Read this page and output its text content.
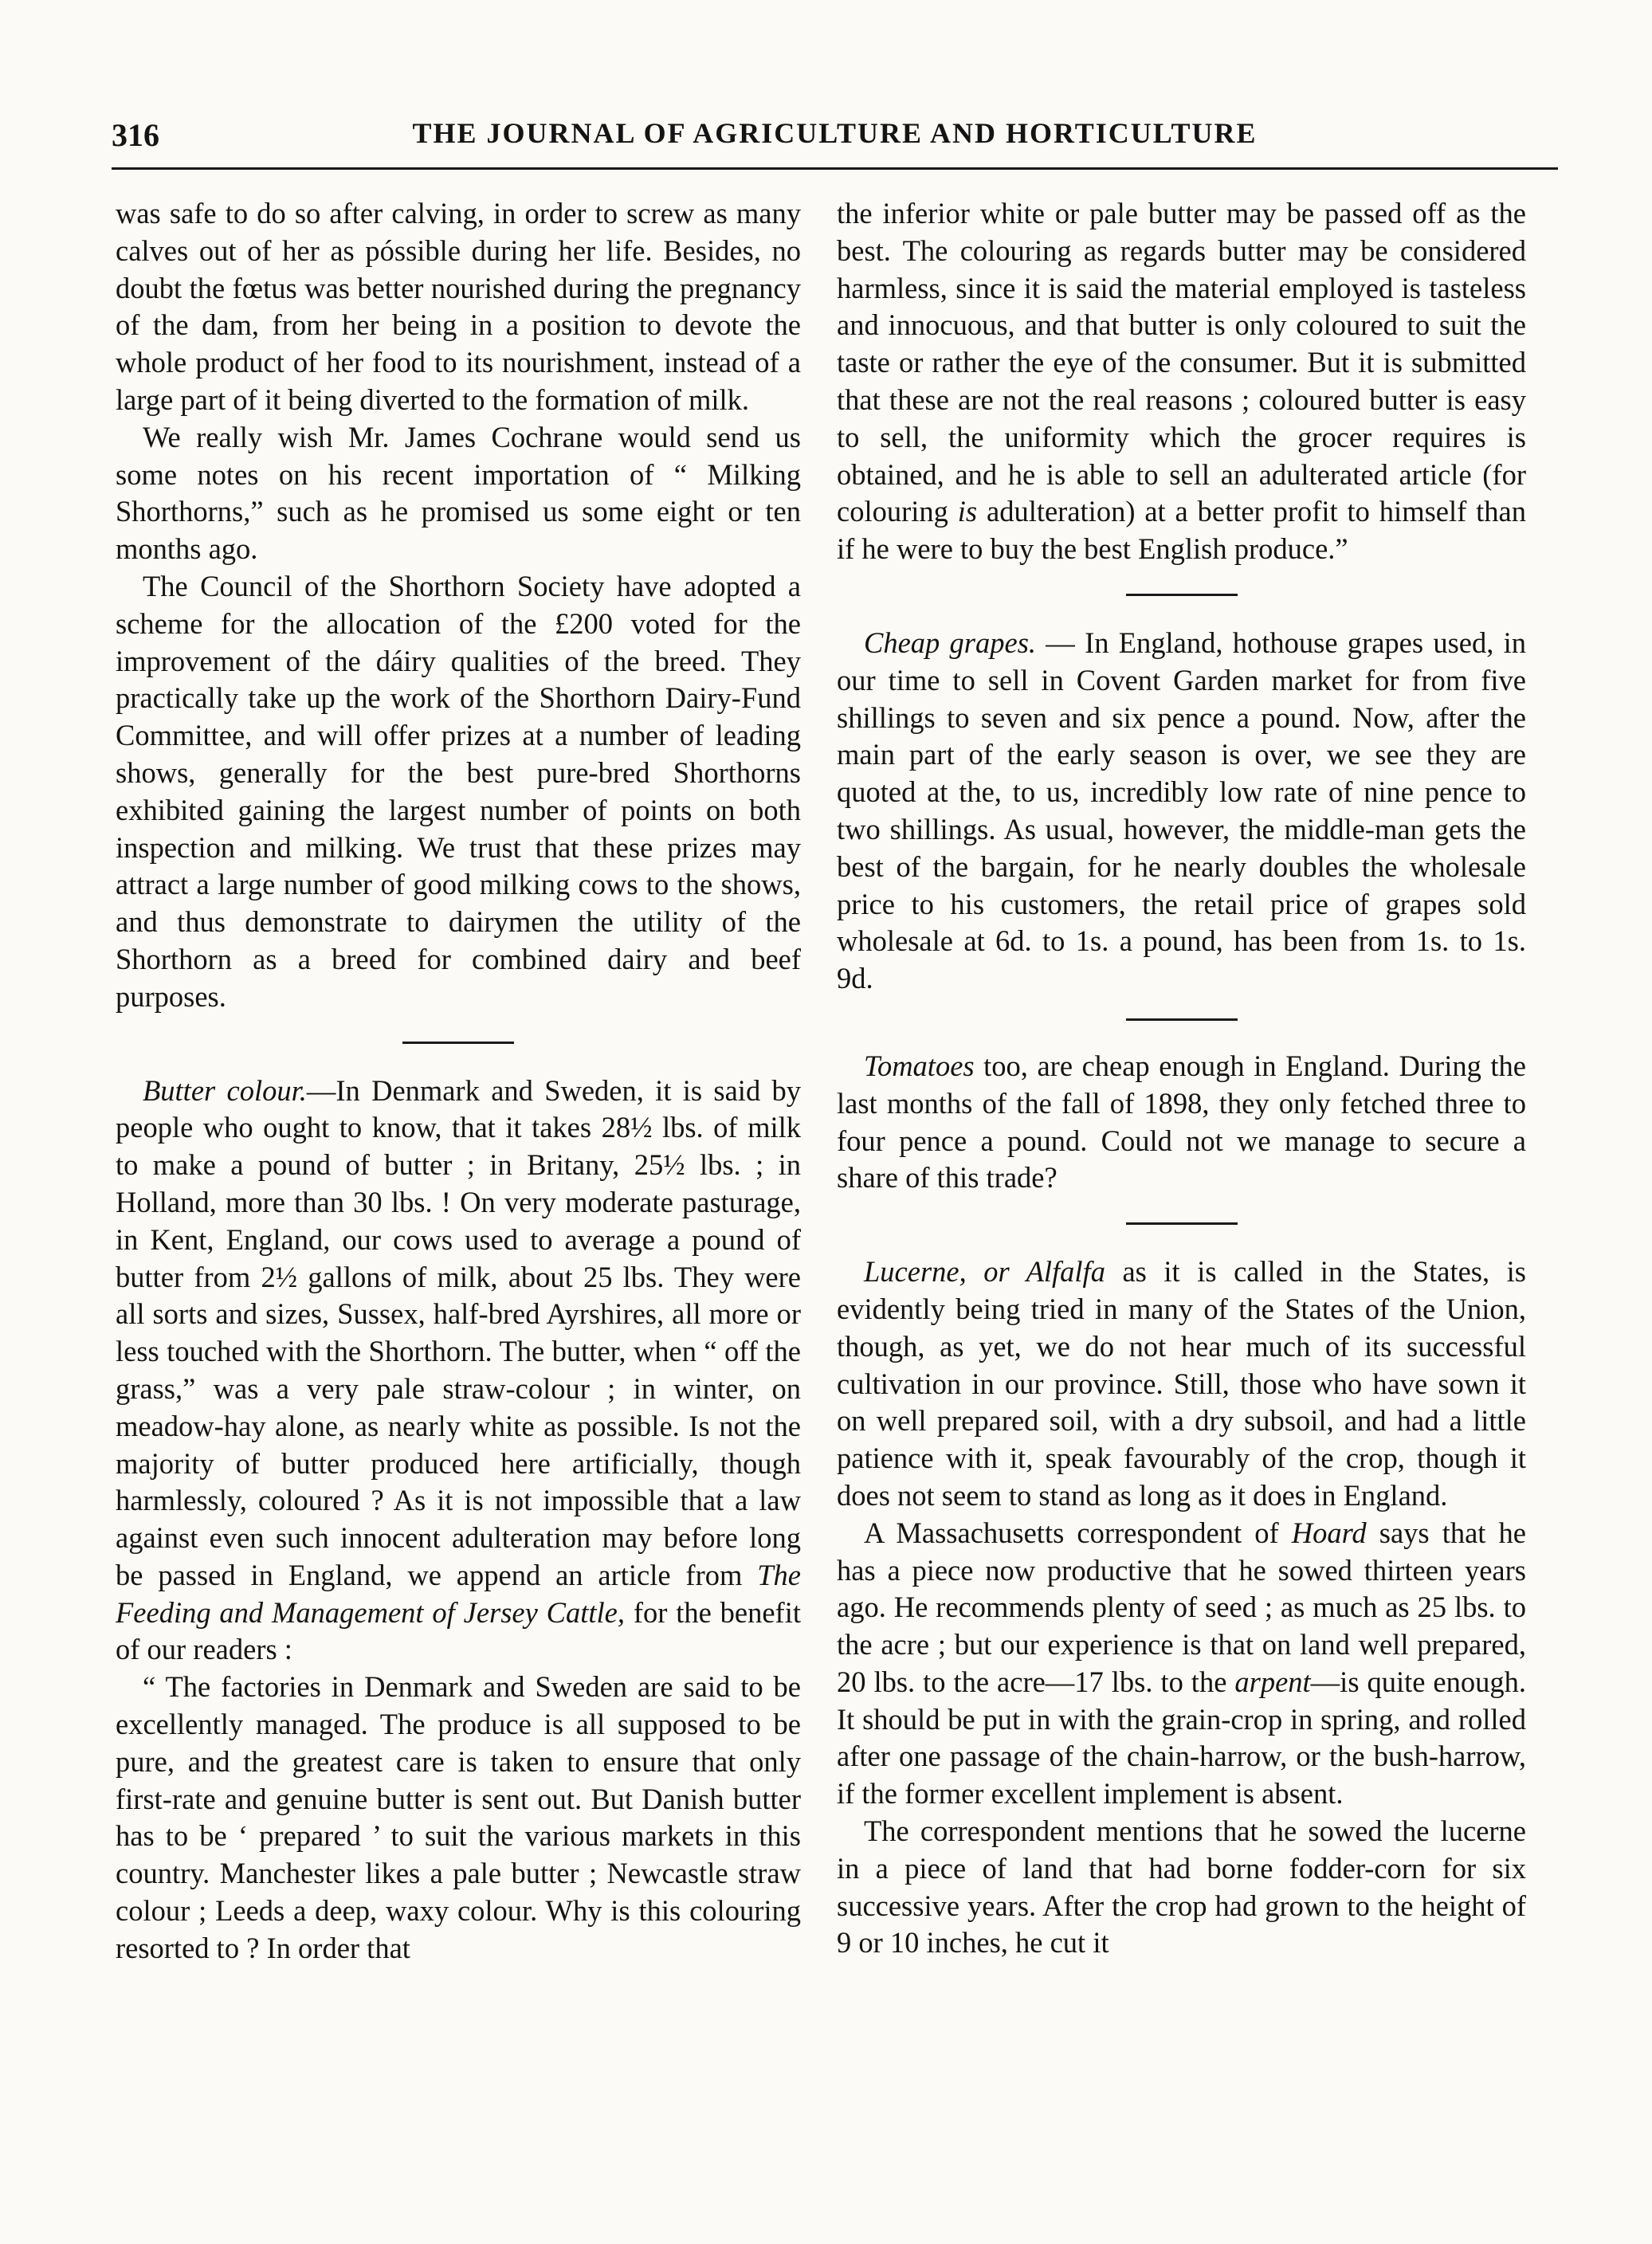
316	THE JOURNAL OF AGRICULTURE AND HORTICULTURE

was safe to do so after calving, in order to screw as many calves out of her as póssible during her life. Besides, no doubt the fœtus was better nourished during the pregnancy of the dam, from her being in a position to devote the whole product of her food to its nourishment, instead of a large part of it being diverted to the formation of milk.

We really wish Mr. James Cochrane would send us some notes on his recent importation of “ Milking Shorthorns,” such as he promised us some eight or ten months ago.

The Council of the Shorthorn Society have adopted a scheme for the allocation of the £200 voted for the improvement of the dáiry qualities of the breed. They practically take up the work of the Shorthorn Dairy-Fund Committee, and will offer prizes at a number of leading shows, generally for the best pure-bred Shorthorns exhibited gaining the largest number of points on both inspection and milking. We trust that these prizes may attract a large number of good milking cows to the shows, and thus demonstrate to dairymen the utility of the Shorthorn as a breed for combined dairy and beef purposes.

Butter colour.—In Denmark and Sweden, it is said by people who ought to know, that it takes 28½ lbs. of milk to make a pound of butter ; in Britany, 25½ lbs. ; in Holland, more than 30 lbs. ! On very moderate pasturage, in Kent, England, our cows used to average a pound of butter from 2½ gallons of milk, about 25 lbs. They were all sorts and sizes, Sussex, half-bred Ayrshires, all more or less touched with the Shorthorn. The butter, when “ off the grass,” was a very pale straw-colour ; in winter, on meadow-hay alone, as nearly white as possible. Is not the majority of butter produced here artificially, though harmlessly, coloured ? As it is not impossible that a law against even such innocent adulteration may before long be passed in England, we append an article from The Feeding and Management of Jersey Cattle, for the benefit of our readers :

“ The factories in Denmark and Sweden are said to be excellently managed. The produce is all supposed to be pure, and the greatest care is taken to ensure that only first-rate and genuine butter is sent out. But Danish butter has to be ‘ prepared ’ to suit the various markets in this country. Manchester likes a pale butter ; Newcastle straw colour ; Leeds a deep, waxy colour. Why is this colouring resorted to ? In order that

the inferior white or pale butter may be passed off as the best. The colouring as regards butter may be considered harmless, since it is said the material employed is tasteless and innocuous, and that butter is only coloured to suit the taste or rather the eye of the consumer. But it is submitted that these are not the real reasons ; coloured butter is easy to sell, the uniformity which the grocer requires is obtained, and he is able to sell an adulterated article (for colouring is adulteration) at a better profit to himself than if he were to buy the best English produce.”

Cheap grapes. — In England, hothouse grapes used, in our time to sell in Covent Garden market for from five shillings to seven and six pence a pound. Now, after the main part of the early season is over, we see they are quoted at the, to us, incredibly low rate of nine pence to two shillings. As usual, however, the middle-man gets the best of the bargain, for he nearly doubles the wholesale price to his customers, the retail price of grapes sold wholesale at 6d. to 1s. a pound, has been from 1s. to 1s. 9d.

Tomatoes too, are cheap enough in England. During the last months of the fall of 1898, they only fetched three to four pence a pound. Could not we manage to secure a share of this trade?

Lucerne, or Alfalfa as it is called in the States, is evidently being tried in many of the States of the Union, though, as yet, we do not hear much of its successful cultivation in our province. Still, those who have sown it on well prepared soil, with a dry subsoil, and had a little patience with it, speak favourably of the crop, though it does not seem to stand as long as it does in England.

A Massachusetts correspondent of Hoard says that he has a piece now productive that he sowed thirteen years ago. He recommends plenty of seed ; as much as 25 lbs. to the acre ; but our experience is that on land well prepared, 20 lbs. to the acre—17 lbs. to the arpent—is quite enough. It should be put in with the grain-crop in spring, and rolled after one passage of the chain-harrow, or the bush-harrow, if the former excellent implement is absent.

The correspondent mentions that he sowed the lucerne in a piece of land that had borne fodder-corn for six successive years. After the crop had grown to the height of 9 or 10 inches, he cut it
